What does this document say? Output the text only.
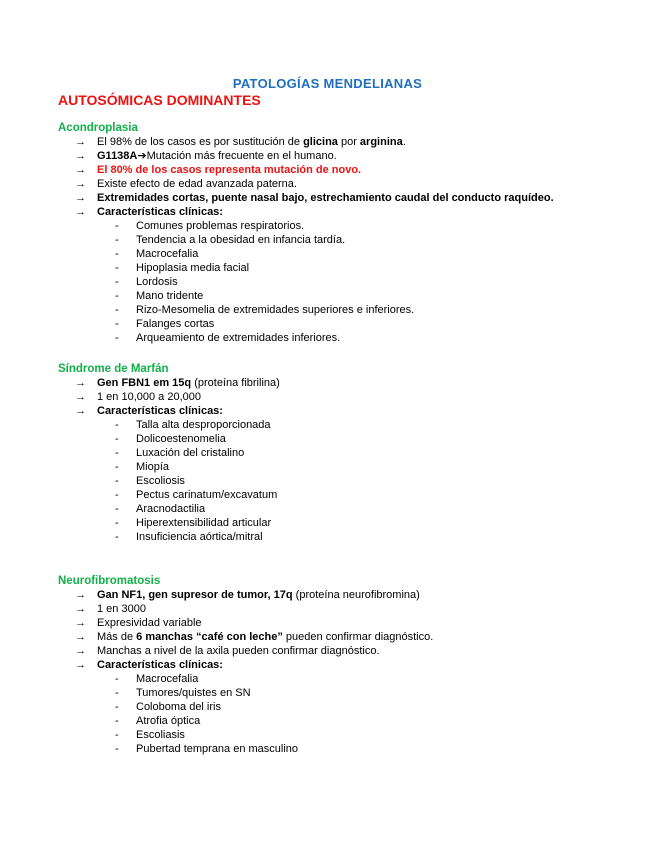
PATOLOGÍAS MENDELIANAS
AUTOSÓMICAS DOMINANTES
Acondroplasia
→ El 98% de los casos es por sustitución de glicina por arginina.
→ G1138A➔Mutación más frecuente en el humano.
→ El 80% de los casos representa mutación de novo.
→ Existe efecto de edad avanzada paterna.
→ Extremidades cortas, puente nasal bajo, estrechamiento caudal del conducto raquídeo.
→ Características clínicas:
- Comunes problemas respiratorios.
- Tendencia a la obesidad en infancia tardía.
- Macrocefalia
- Hipoplasia media facial
- Lordosis
- Mano tridente
- Rizo-Mesomelia de extremidades superiores e inferiores.
- Falanges cortas
- Arqueamiento de extremidades inferiores.
Síndrome de Marfán
→ Gen FBN1 em 15q (proteína fibrilina)
→ 1 en 10,000 a 20,000
→ Características clínicas:
- Talla alta desproporcionada
- Dolicoestenomelia
- Luxación del cristalino
- Miopía
- Escoliosis
- Pectus carinatum/excavatum
- Aracnodactilia
- Hiperextensibilidad articular
- Insuficiencia aórtica/mitral
Neurofibromatosis
→ Gan NF1, gen supresor de tumor, 17q (proteína neurofibromina)
→ 1 en 3000
→ Expresividad variable
→ Más de 6 manchas “café con leche” pueden confirmar diagnóstico.
→ Manchas a nivel de la axila pueden confirmar diagnóstico.
→ Características clínicas:
- Macrocefalia
- Tumores/quistes en SN
- Coloboma del iris
- Atrofia óptica
- Escoliasis
- Pubertad temprana en masculino
